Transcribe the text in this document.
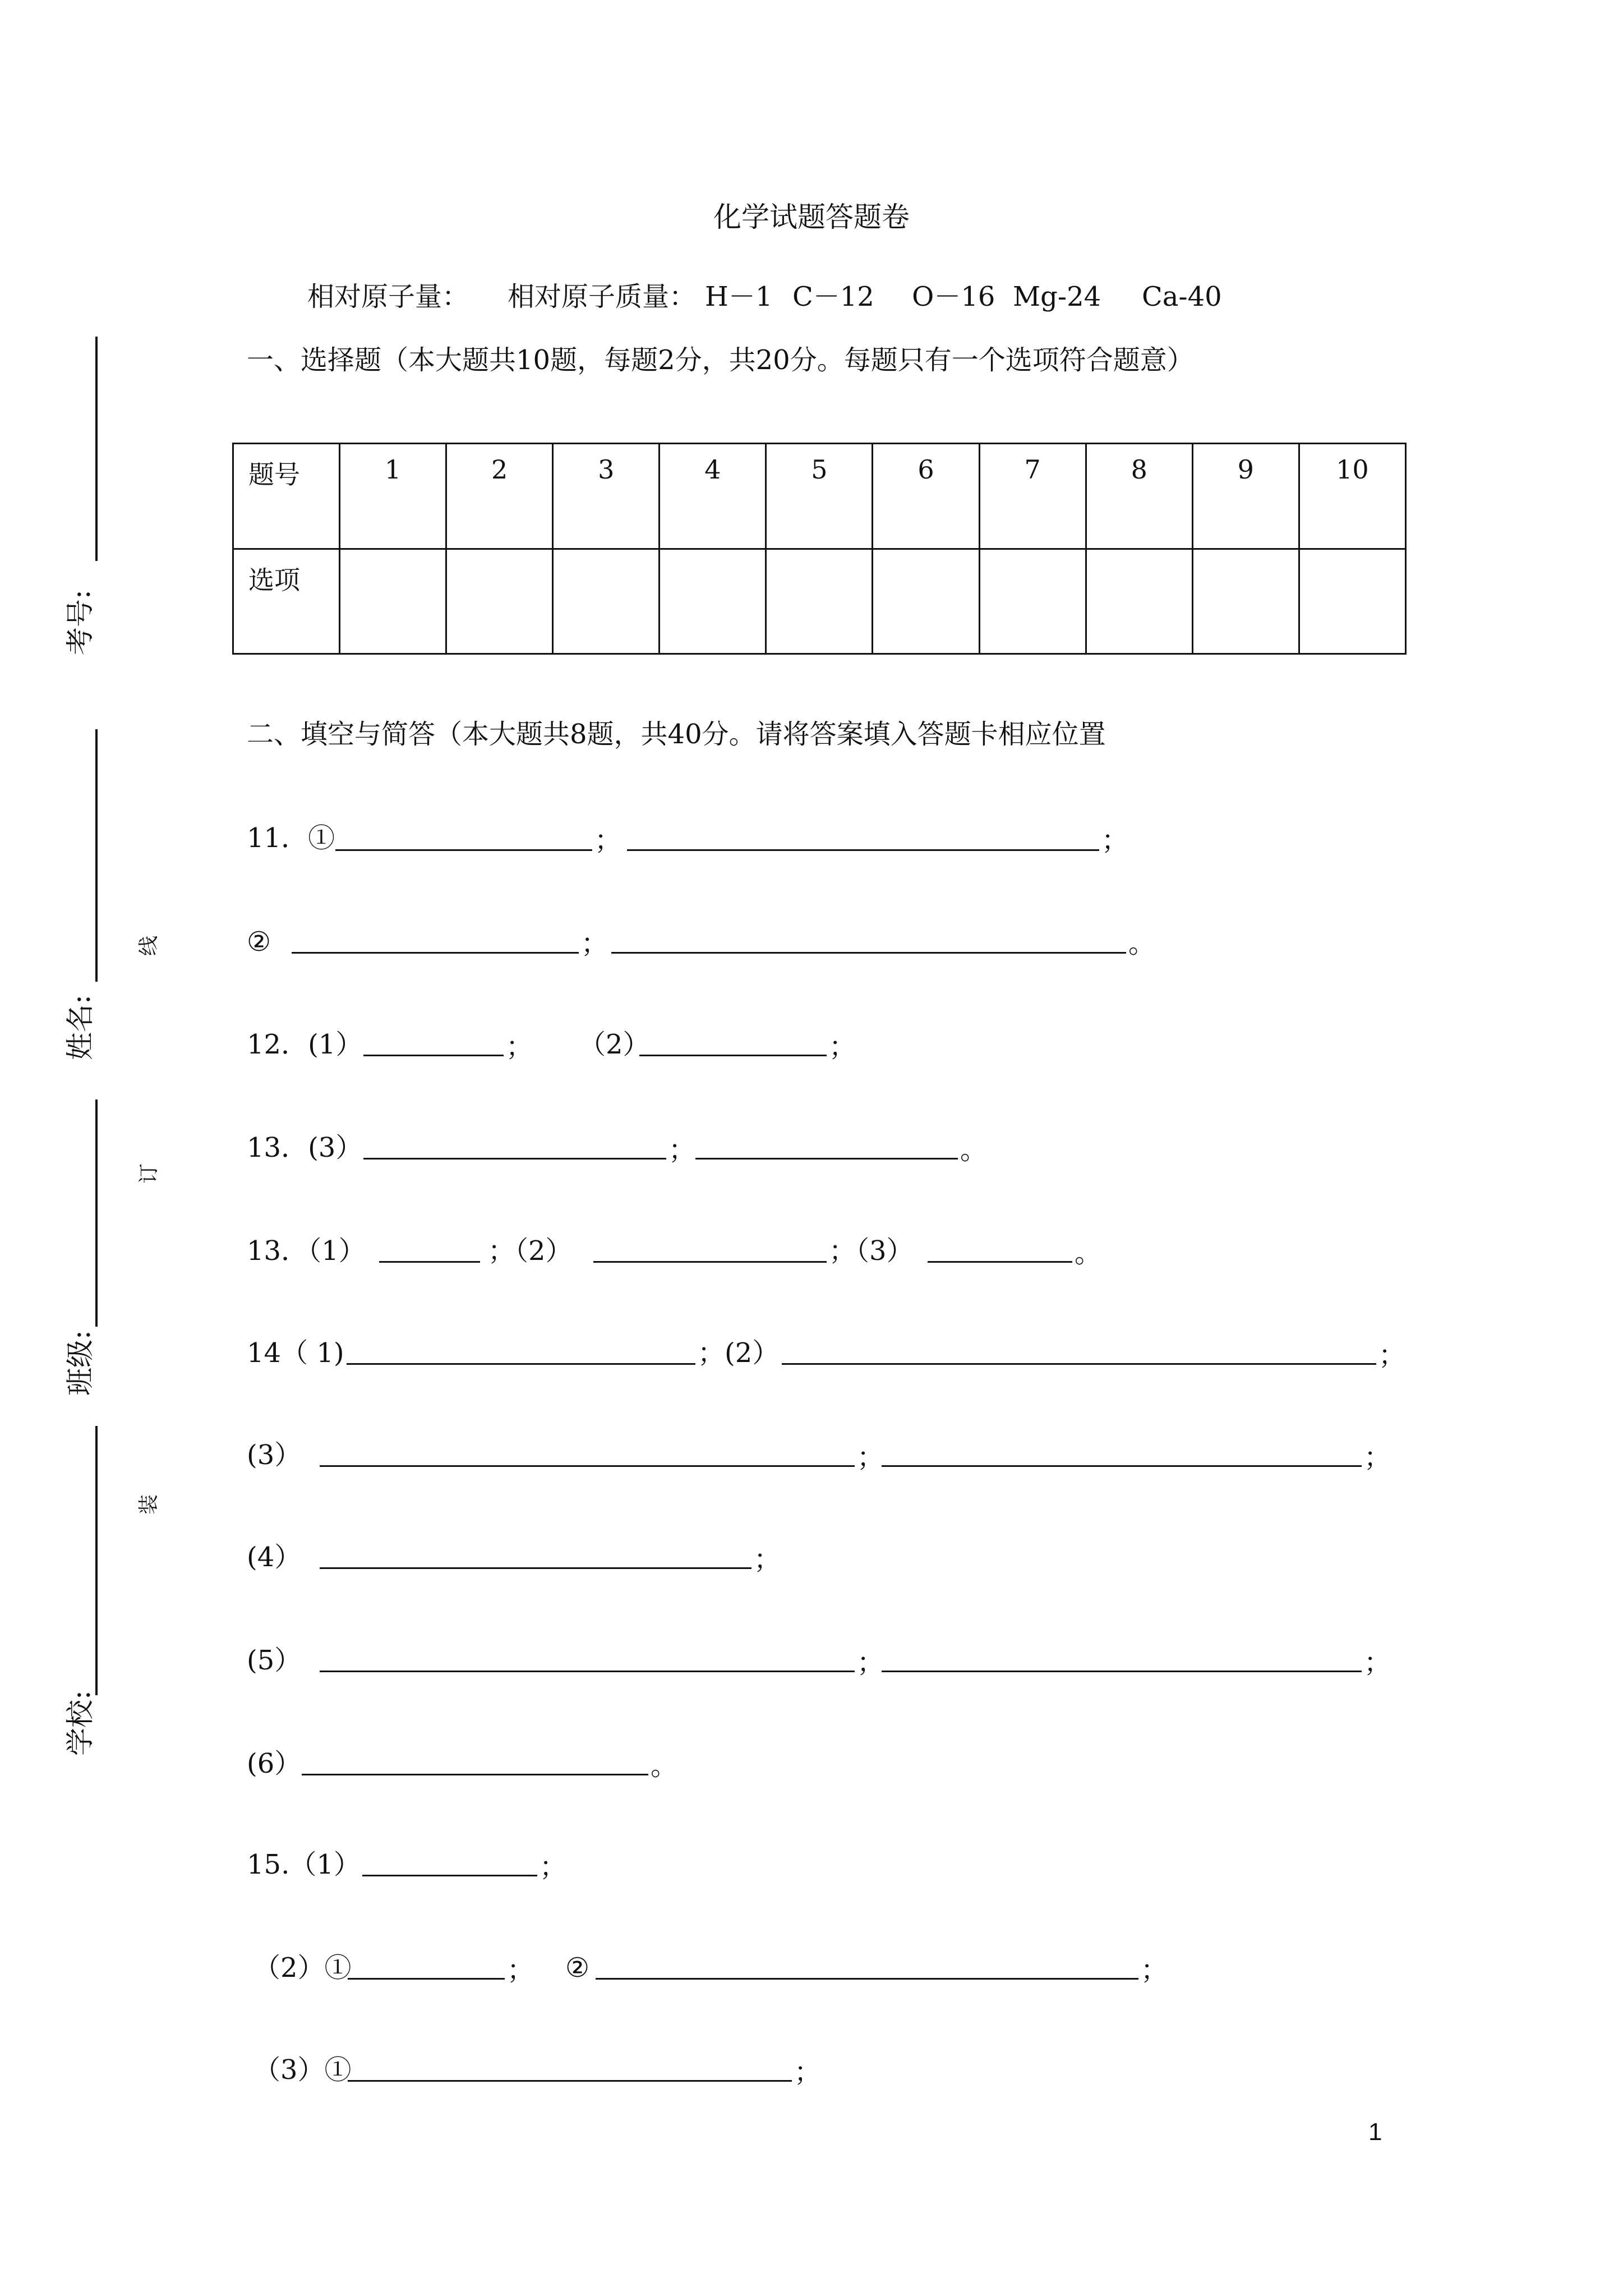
化学试题答题卷
相对原子量： 相对原子质量： H－1 C－12 O－16 Mg-24 Ca-40
一、选择题（本大题共10题，每题2分，共20分。每题只有一个选项符合题意）
题号	1	2	3	4	5	6	7	8	9	10
选项										
二、填空与简答（本大题共8题，共40分。请将答案填入答题卡相应位置
11．①	；	；
②	；	。
12．(1）	； （2）	；
13．(3）	；	。
13．（1）	；（2）	；（3）	。
14（ 1)	；(2）	；
(3）	；	；
(4）	；
(5）	；	；
(6）	。
15.（1）	；
（2）①	； ②	；
（3）①	；
1
考号:
姓名:
班级:
学校:
线
订
装
